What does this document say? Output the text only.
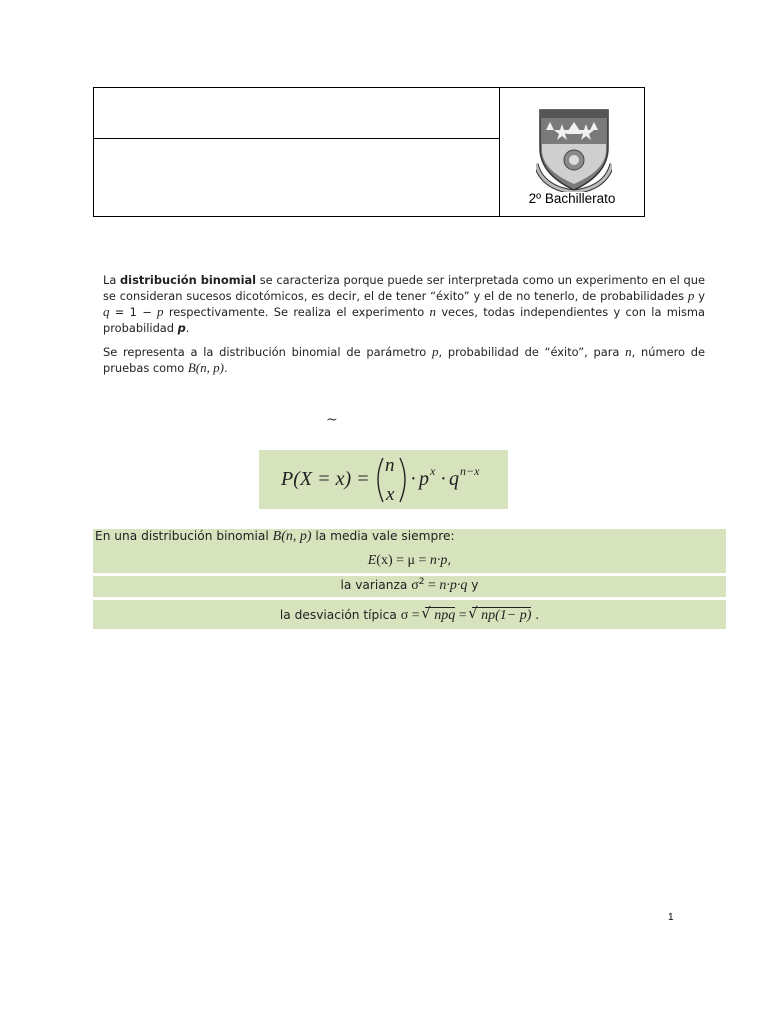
2º Bachillerato

La distribución binomial se caracteriza porque puede ser interpretada como un experimento en el que se consideran sucesos dicotómicos, es decir, el de tener “éxito” y el de no tenerlo, de probabilidades p y q = 1 − p respectivamente. Se realiza el experimento n veces, todas independientes y con la misma probabilidad p.

Se representa a la distribución binomial de parámetro p, probabilidad de “éxito”, para n, número de pruebas como B(n, p).

~
P(X = x) =
n
x
· p x · q n−x
En una distribución binomial B(n, p) la media vale siempre:
E(x) = μ = n·p,
la varianza $\sigma^2 = n\cdot p\cdot q$ y
la desviación típica σ = √ npq = √ np(1− p) .
1
